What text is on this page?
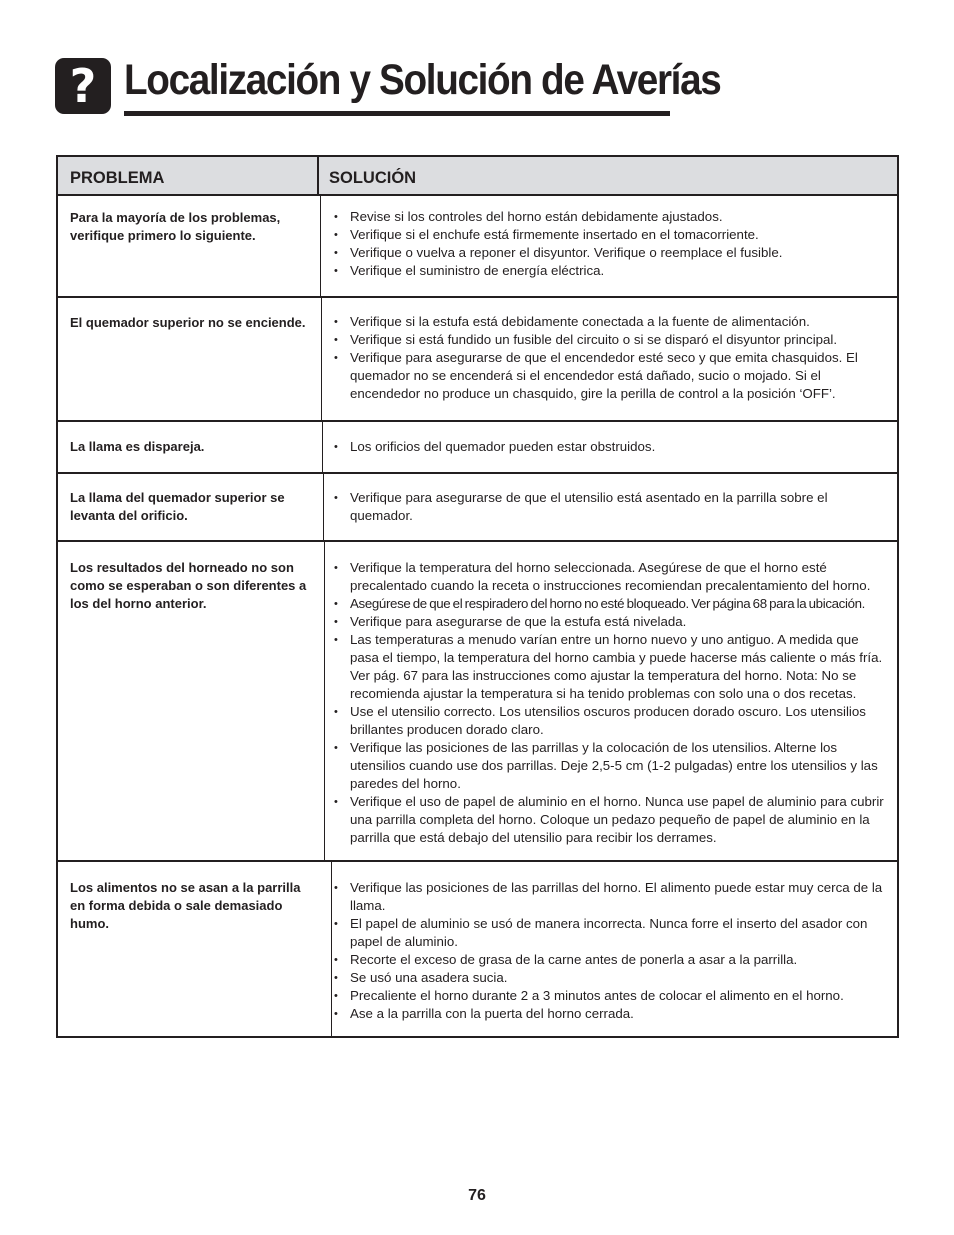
? Localización y Solución de Averías
PROBLEMA	SOLUCIÓN
Para la mayoría de los problemas, verifique primero lo siguiente.
• Revise si los controles del horno están debidamente ajustados.
• Verifique si el enchufe está firmemente insertado en el tomacorriente.
• Verifique o vuelva a reponer el disyuntor. Verifique o reemplace el fusible.
• Verifique el suministro de energía eléctrica.
El quemador superior no se enciende.	• Verifique si la estufa está debidamente conectada a la fuente de alimentación.
• Verifique si está fundido un fusible del circuito o si se disparó el disyuntor principal.
• Verifique para asegurarse de que el encendedor esté seco y que emita chasquidos. El quemador no se encenderá si el encendedor está dañado, sucio o mojado. Si el encendedor no produce un chasquido, gire la perilla de control a la posición ‘OFF’.
La llama es dispareja.	• Los orificios del quemador pueden estar obstruidos.
La llama del quemador superior se levanta del orificio.
• Verifique para asegurarse de que el utensilio está asentado en la parrilla sobre el quemador.
Los resultados del horneado no son como se esperaban o son diferentes a los del horno anterior.
• Verifique la temperatura del horno seleccionada. Asegúrese de que el horno esté precalentado cuando la receta o instrucciones recomiendan precalentamiento del horno.
• Asegúrese de que el respiradero del horno no esté bloqueado. Ver página 68 para la ubicación.
• Verifique para asegurarse de que la estufa está nivelada.
• Las temperaturas a menudo varían entre un horno nuevo y uno antiguo. A medida que pasa el tiempo, la temperatura del horno cambia y puede hacerse más caliente o más fría. Ver pág. 67 para las instrucciones como ajustar la temperatura del horno. Nota: No se recomienda ajustar la temperatura si ha tenido problemas con solo una o dos recetas.
• Use el utensilio correcto. Los utensilios oscuros producen dorado oscuro. Los utensilios brillantes producen dorado claro.
• Verifique las posiciones de las parrillas y la colocación de los utensilios. Alterne los utensilios cuando use dos parrillas. Deje 2,5-5 cm (1-2 pulgadas) entre los utensilios y las paredes del horno.
• Verifique el uso de papel de aluminio en el horno. Nunca use papel de aluminio para cubrir una parrilla completa del horno. Coloque un pedazo pequeño de papel de aluminio en la parrilla que está debajo del utensilio para recibir los derrames.
Los alimentos no se asan a la parrilla en forma debida o sale demasiado humo.
• Verifique las posiciones de las parrillas del horno. El alimento puede estar muy cerca de la llama.
• El papel de aluminio se usó de manera incorrecta. Nunca forre el inserto del asador con papel de aluminio.
• Recorte el exceso de grasa de la carne antes de ponerla a asar a la parrilla.
• Se usó una asadera sucia.
• Precaliente el horno durante 2 a 3 minutos antes de colocar el alimento en el horno.
• Ase a la parrilla con la puerta del horno cerrada.
76
